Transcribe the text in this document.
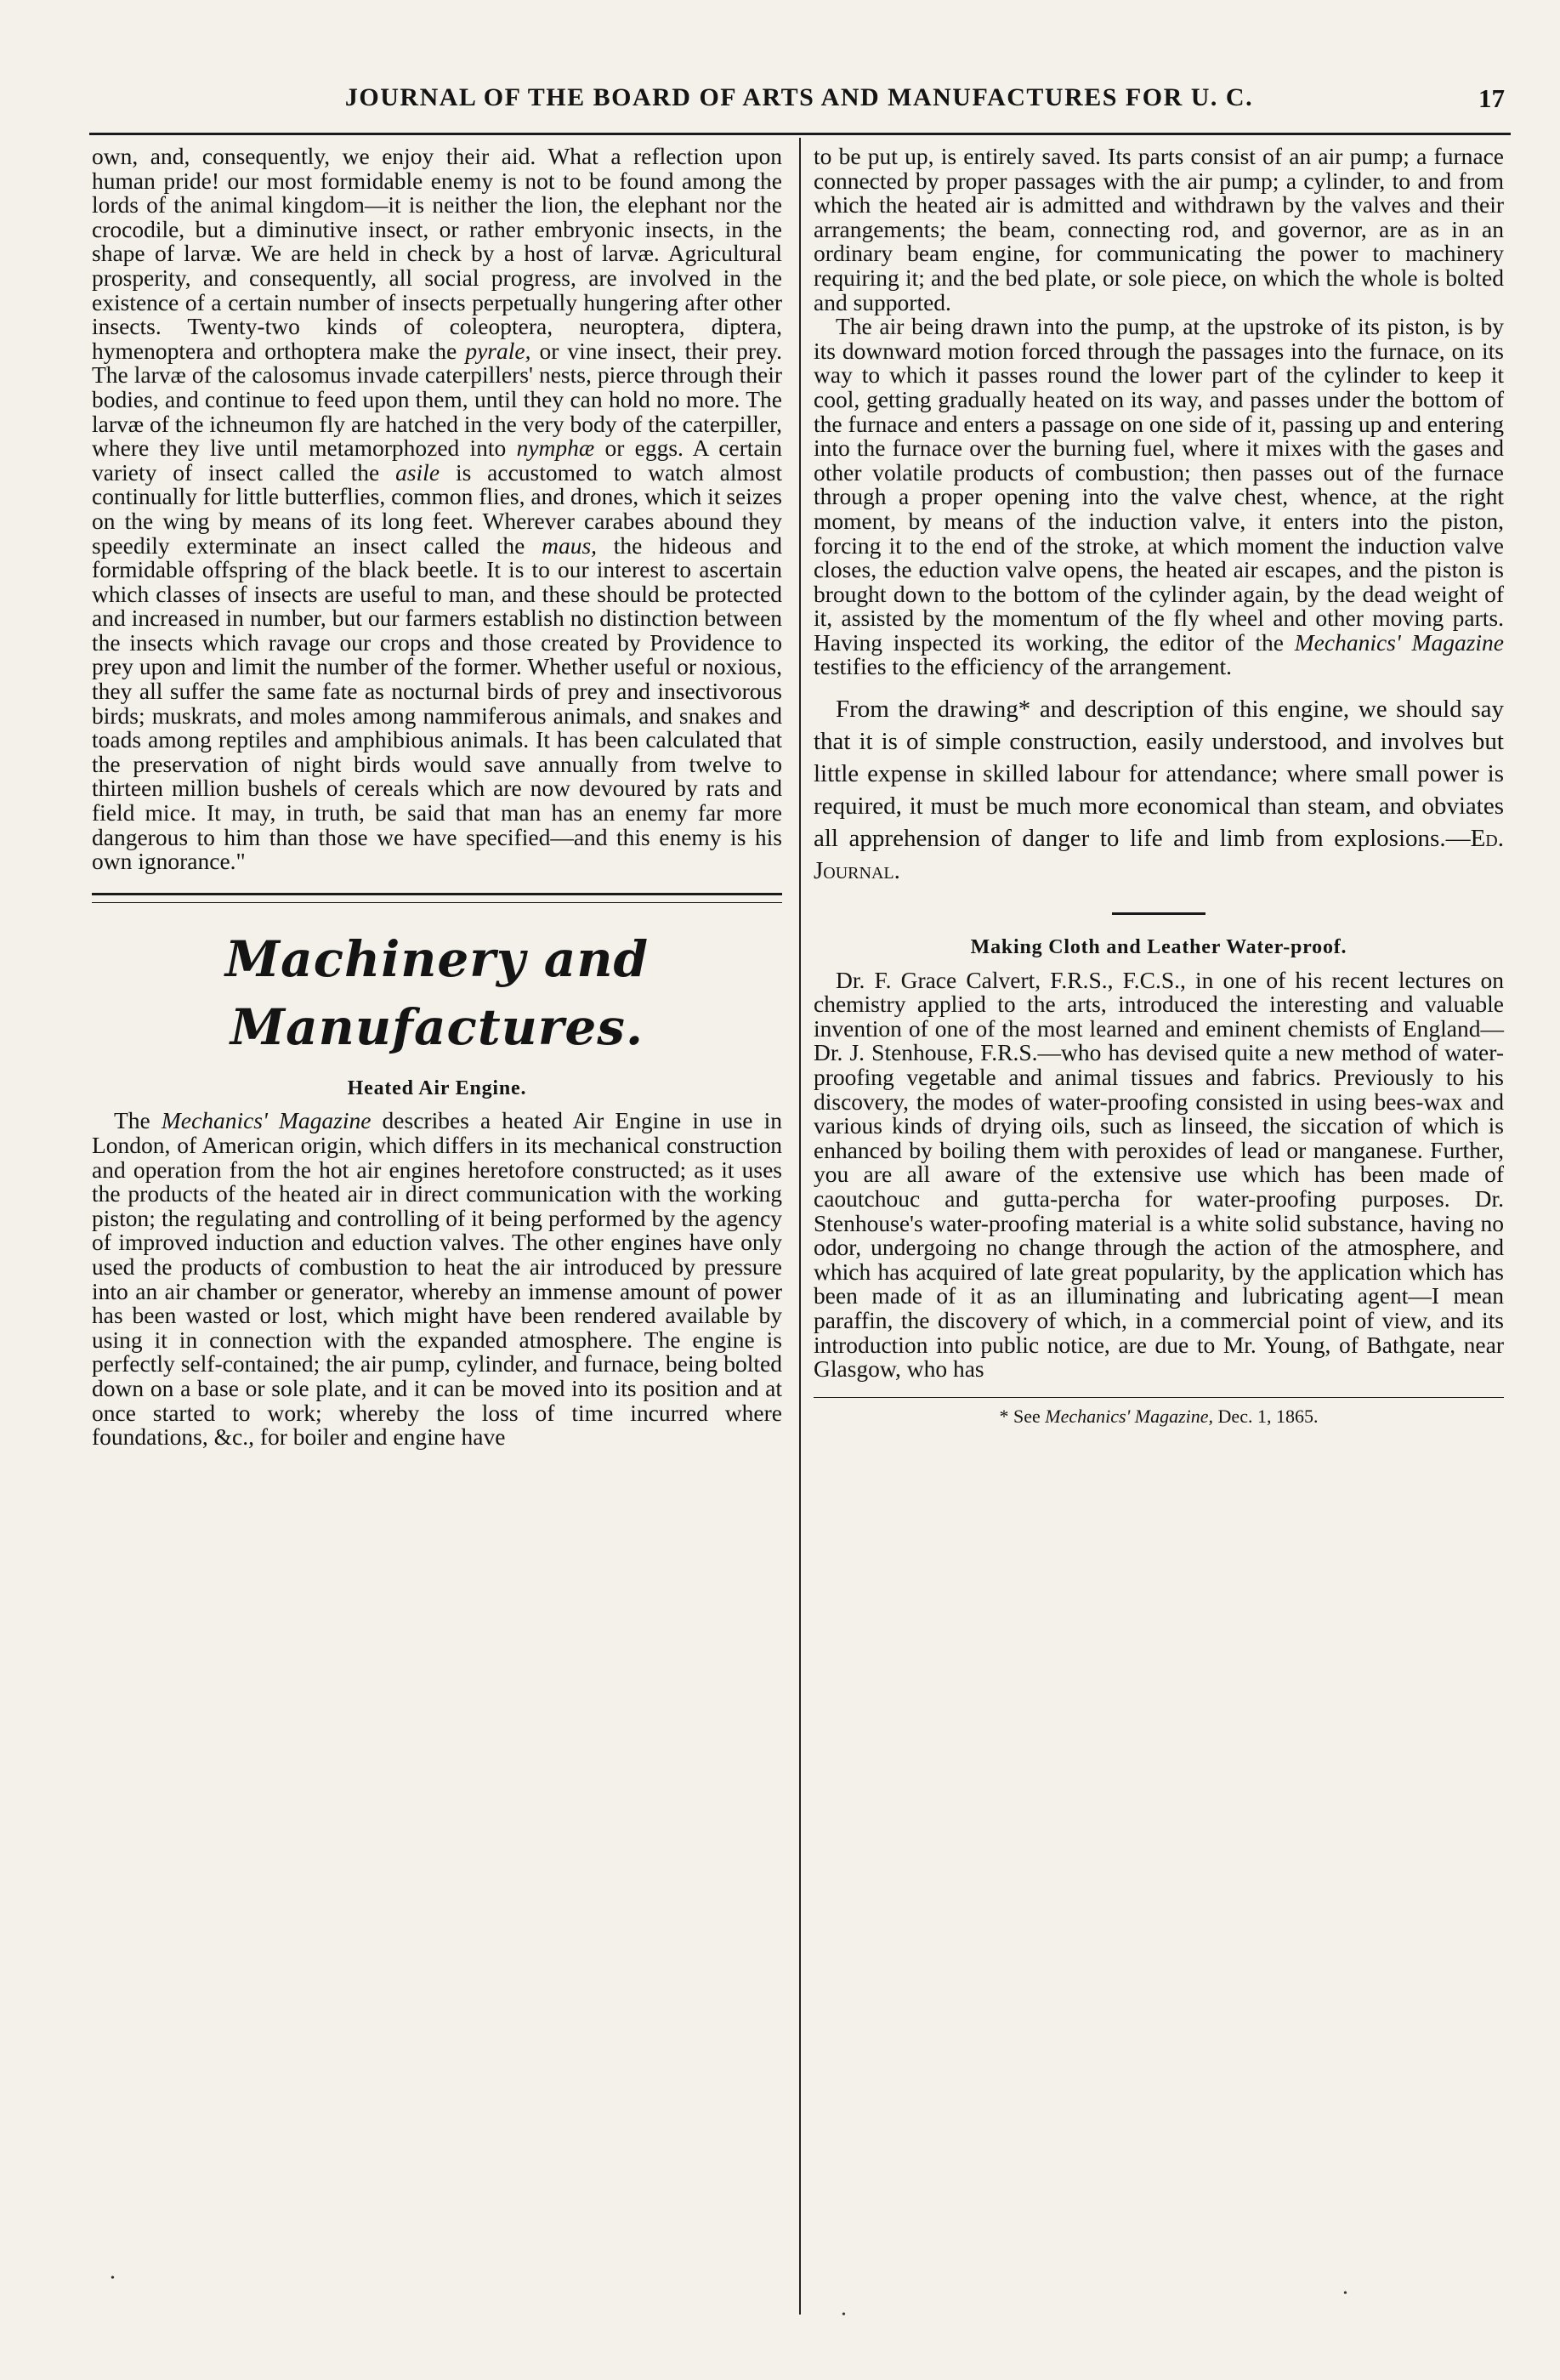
JOURNAL OF THE BOARD OF ARTS AND MANUFACTURES FOR U. C.	17

own, and, consequently, we enjoy their aid. What a reflection upon human pride! our most formidable enemy is not to be found among the lords of the animal kingdom—it is neither the lion, the elephant nor the crocodile, but a diminutive insect, or rather embryonic insects, in the shape of larvæ. We are held in check by a host of larvæ. Agricultural prosperity, and consequently, all social progress, are involved in the existence of a certain number of insects perpetually hungering after other insects. Twenty-two kinds of coleoptera, neuroptera, diptera, hymenoptera and orthoptera make the pyrale, or vine insect, their prey. The larvæ of the calosomus invade caterpillers' nests, pierce through their bodies, and continue to feed upon them, until they can hold no more. The larvæ of the ichneumon fly are hatched in the very body of the caterpiller, where they live until metamorphozed into nymphæ or eggs. A certain variety of insect called the asile is accustomed to watch almost continually for little butterflies, common flies, and drones, which it seizes on the wing by means of its long feet. Wherever carabes abound they speedily exterminate an insect called the maus, the hideous and formidable offspring of the black beetle. It is to our interest to ascertain which classes of insects are useful to man, and these should be protected and increased in number, but our farmers establish no distinction between the insects which ravage our crops and those created by Providence to prey upon and limit the number of the former. Whether useful or noxious, they all suffer the same fate as nocturnal birds of prey and insectivorous birds; muskrats, and moles among nammiferous animals, and snakes and toads among reptiles and amphibious animals. It has been calculated that the preservation of night birds would save annually from twelve to thirteen million bushels of cereals which are now devoured by rats and field mice. It may, in truth, be said that man has an enemy far more dangerous to him than those we have specified—and this enemy is his own ignorance."

Machinery and Manufactures.
Heated Air Engine.

The Mechanics' Magazine describes a heated Air Engine in use in London, of American origin, which differs in its mechanical construction and operation from the hot air engines heretofore constructed; as it uses the products of the heated air in direct communication with the working piston; the regulating and controlling of it being performed by the agency of improved induction and eduction valves. The other engines have only used the products of combustion to heat the air introduced by pressure into an air chamber or generator, whereby an immense amount of power has been wasted or lost, which might have been rendered available by using it in connection with the expanded atmosphere. The engine is perfectly self-contained; the air pump, cylinder, and furnace, being bolted down on a base or sole plate, and it can be moved into its position and at once started to work; whereby the loss of time incurred where foundations, &c., for boiler and engine have

to be put up, is entirely saved. Its parts consist of an air pump; a furnace connected by proper passages with the air pump; a cylinder, to and from which the heated air is admitted and withdrawn by the valves and their arrangements; the beam, connecting rod, and governor, are as in an ordinary beam engine, for communicating the power to machinery requiring it; and the bed plate, or sole piece, on which the whole is bolted and supported.

The air being drawn into the pump, at the upstroke of its piston, is by its downward motion forced through the passages into the furnace, on its way to which it passes round the lower part of the cylinder to keep it cool, getting gradually heated on its way, and passes under the bottom of the furnace and enters a passage on one side of it, passing up and entering into the furnace over the burning fuel, where it mixes with the gases and other volatile products of combustion; then passes out of the furnace through a proper opening into the valve chest, whence, at the right moment, by means of the induction valve, it enters into the piston, forcing it to the end of the stroke, at which moment the induction valve closes, the eduction valve opens, the heated air escapes, and the piston is brought down to the bottom of the cylinder again, by the dead weight of it, assisted by the momentum of the fly wheel and other moving parts. Having inspected its working, the editor of the Mechanics' Magazine testifies to the efficiency of the arrangement.

From the drawing* and description of this engine, we should say that it is of simple construction, easily understood, and involves but little expense in skilled labour for attendance; where small power is required, it must be much more economical than steam, and obviates all apprehension of danger to life and limb from explosions.—Ed. Journal.

Making Cloth and Leather Water-proof.

Dr. F. Grace Calvert, F.R.S., F.C.S., in one of his recent lectures on chemistry applied to the arts, introduced the interesting and valuable invention of one of the most learned and eminent chemists of England—Dr. J. Stenhouse, F.R.S.—who has devised quite a new method of water-proofing vegetable and animal tissues and fabrics. Previously to his discovery, the modes of water-proofing consisted in using bees-wax and various kinds of drying oils, such as linseed, the siccation of which is enhanced by boiling them with peroxides of lead or manganese. Further, you are all aware of the extensive use which has been made of caoutchouc and gutta-percha for water-proofing purposes. Dr. Stenhouse's water-proofing material is a white solid substance, having no odor, undergoing no change through the action of the atmosphere, and which has acquired of late great popularity, by the application which has been made of it as an illuminating and lubricating agent—I mean paraffin, the discovery of which, in a commercial point of view, and its introduction into public notice, are due to Mr. Young, of Bathgate, near Glasgow, who has

* See Mechanics' Magazine, Dec. 1, 1865.
•
•
•
